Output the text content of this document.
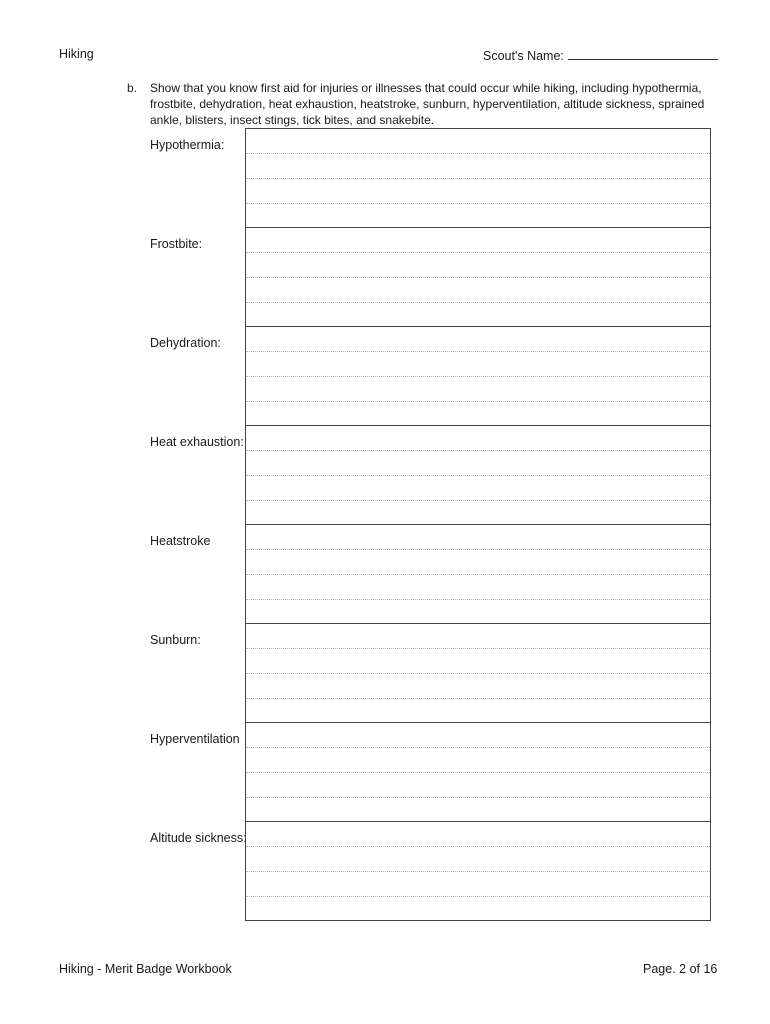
Hiking	Scout's Name:
b. Show that you know first aid for injuries or illnesses that could occur while hiking, including hypothermia, frostbite, dehydration, heat exhaustion, heatstroke, sunburn, hyperventilation, altitude sickness, sprained ankle, blisters, insect stings, tick bites, and snakebite.
Hypothermia:
Frostbite:
Dehydration:
Heat exhaustion:
Heatstroke
Sunburn:
Hyperventilation
Altitude sickness:
Hiking - Merit Badge Workbook	Page. 2 of 16
